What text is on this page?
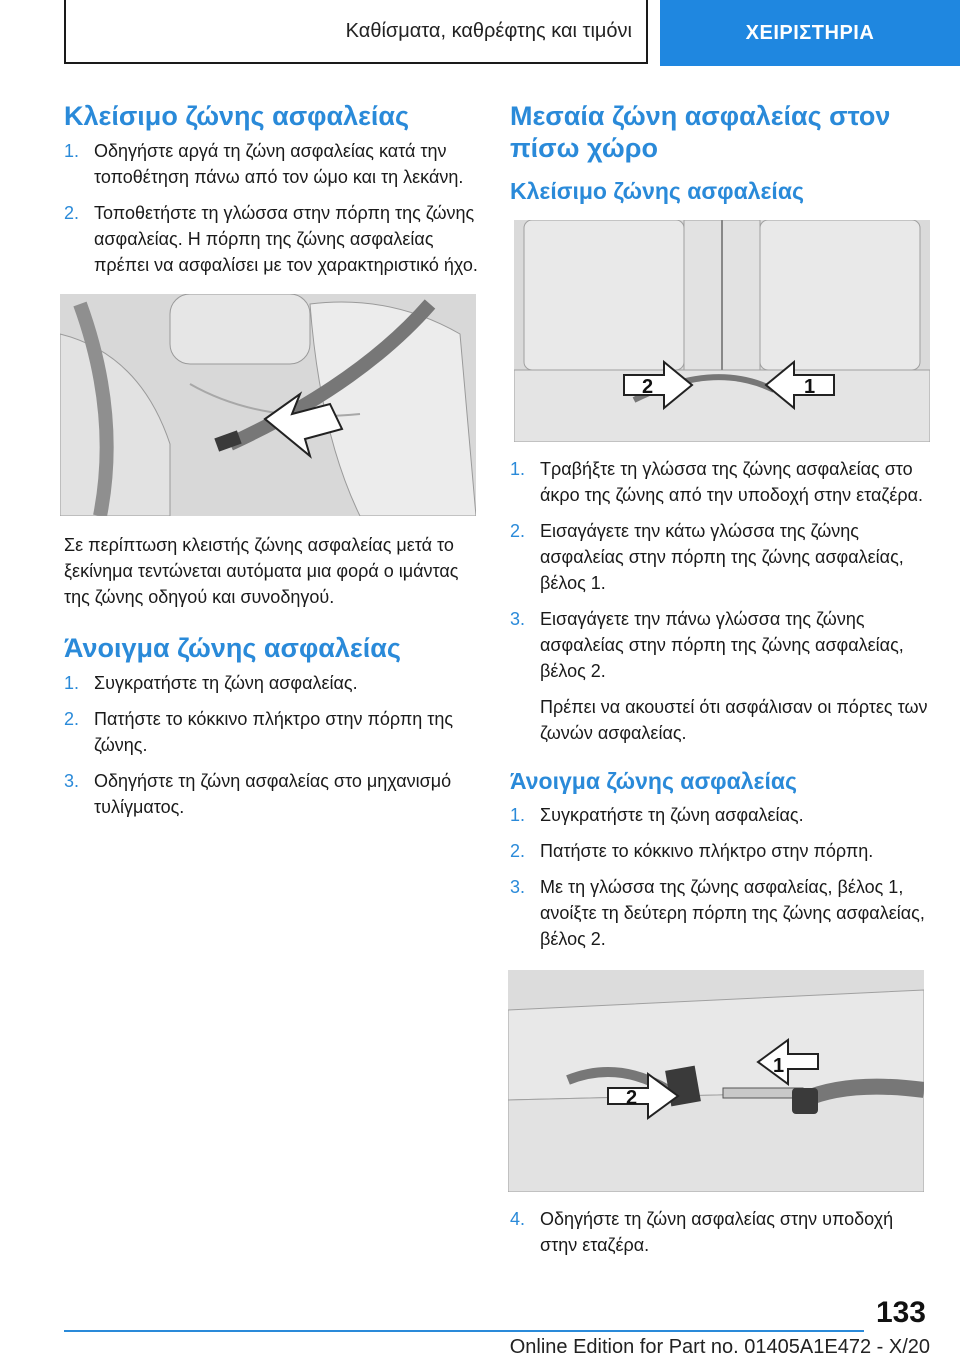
Καθίσματα, καθρέφτης και τιμόνι	ΧΕΙΡΙΣΤΗΡΙΑ
Κλείσιμο ζώνης ασφαλείας
1. Οδηγήστε αργά τη ζώνη ασφαλείας κατά την τοποθέτηση πάνω από τον ώμο και τη λεκάνη.
2. Τοποθετήστε τη γλώσσα στην πόρπη της ζώνης ασφαλείας. Η πόρπη της ζώνης ασφαλείας πρέπει να ασφαλίσει με τον χαρακτηριστικό ήχο.

Σε περίπτωση κλειστής ζώνης ασφαλείας μετά το ξεκίνημα τεντώνεται αυτόματα μια φορά ο ιμάντας της ζώνης οδηγού και συνοδηγού.

Άνοιγμα ζώνης ασφαλείας
1. Συγκρατήστε τη ζώνη ασφαλείας.
2. Πατήστε το κόκκινο πλήκτρο στην πόρπη της ζώνης.
3. Οδηγήστε τη ζώνη ασφαλείας στο μηχανισμό τυλίγματος.
Μεσαία ζώνη ασφαλείας στον πίσω χώρο
Κλείσιμο ζώνης ασφαλείας
2	1
1. Τραβήξτε τη γλώσσα της ζώνης ασφαλείας στο άκρο της ζώνης από την υποδοχή στην εταζέρα.
2. Εισαγάγετε την κάτω γλώσσα της ζώνης ασφαλείας στην πόρπη της ζώνης ασφαλείας, βέλος 1.
3. Εισαγάγετε την πάνω γλώσσα της ζώνης ασφαλείας στην πόρπη της ζώνης ασφαλείας, βέλος 2.

Πρέπει να ακουστεί ότι ασφάλισαν οι πόρτες των ζωνών ασφαλείας.

Άνοιγμα ζώνης ασφαλείας
1. Συγκρατήστε τη ζώνη ασφαλείας.
2. Πατήστε το κόκκινο πλήκτρο στην πόρπη.
3. Με τη γλώσσα της ζώνης ασφαλείας, βέλος 1, ανοίξτε τη δεύτερη πόρπη της ζώνης ασφαλείας, βέλος 2.
1
2
4. Οδηγήστε τη ζώνη ασφαλείας στην υποδοχή στην εταζέρα.
133
Online Edition for Part no. 01405A1E472 - X/20
